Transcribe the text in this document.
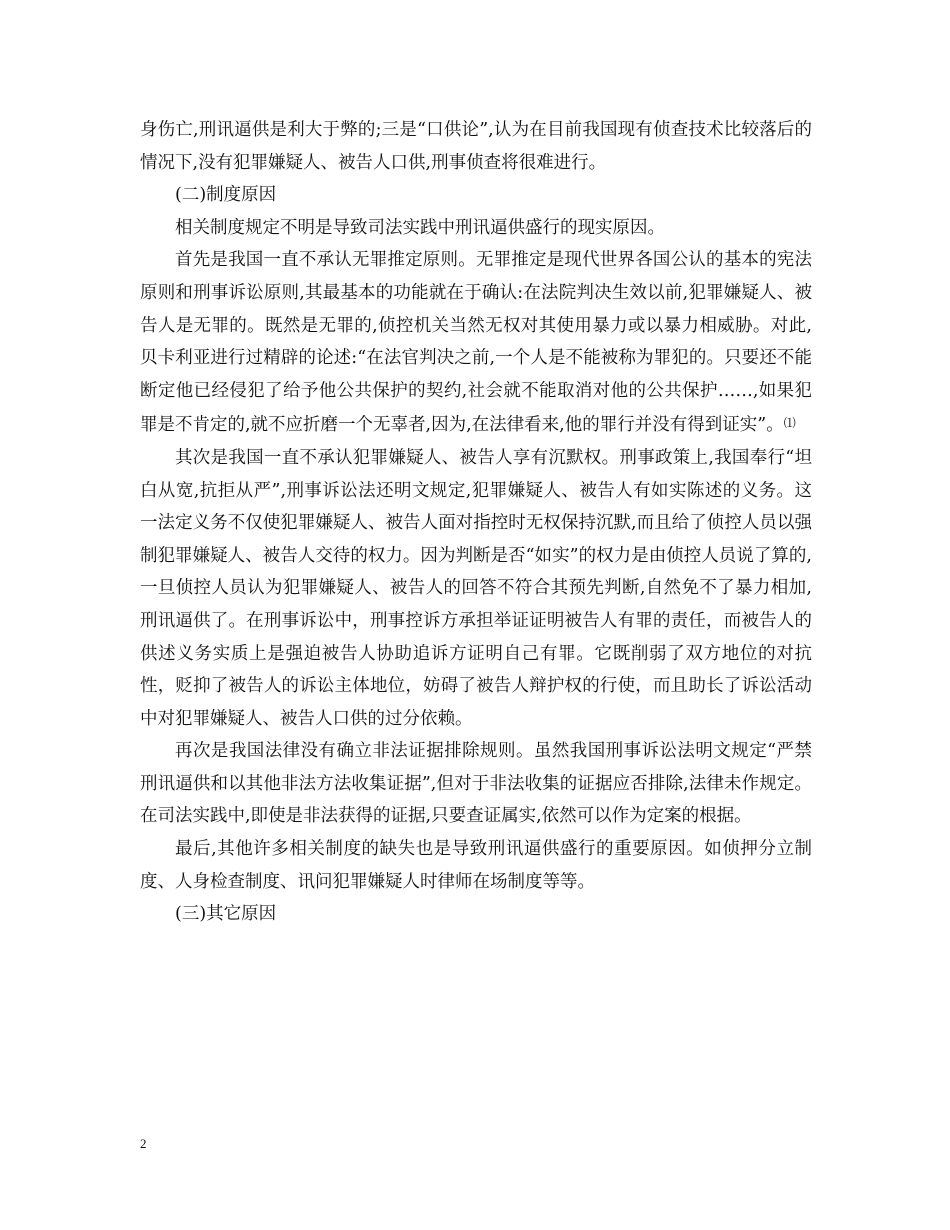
身伤亡,刑讯逼供是利大于弊的;三是“口供论”,认为在目前我国现有侦查技术比较落后的情况下,没有犯罪嫌疑人、被告人口供,刑事侦查将很难进行。

(二)制度原因

相关制度规定不明是导致司法实践中刑讯逼供盛行的现实原因。

首先是我国一直不承认无罪推定原则。无罪推定是现代世界各国公认的基本的宪法原则和刑事诉讼原则,其最基本的功能就在于确认:在法院判决生效以前,犯罪嫌疑人、被告人是无罪的。既然是无罪的,侦控机关当然无权对其使用暴力或以暴力相威胁。对此,贝卡利亚进行过精辟的论述:“在法官判决之前,一个人是不能被称为罪犯的。只要还不能断定他已经侵犯了给予他公共保护的契约,社会就不能取消对他的公共保护……,如果犯罪是不肯定的,就不应折磨一个无辜者,因为,在法律看来,他的罪行并没有得到证实”。⑴

其次是我国一直不承认犯罪嫌疑人、被告人享有沉默权。刑事政策上,我国奉行“坦白从宽,抗拒从严”,刑事诉讼法还明文规定,犯罪嫌疑人、被告人有如实陈述的义务。这一法定义务不仅使犯罪嫌疑人、被告人面对指控时无权保持沉默,而且给了侦控人员以强制犯罪嫌疑人、被告人交待的权力。因为判断是否“如实”的权力是由侦控人员说了算的,一旦侦控人员认为犯罪嫌疑人、被告人的回答不符合其预先判断,自然免不了暴力相加,刑讯逼供了。在刑事诉讼中，刑事控诉方承担举证证明被告人有罪的责任，而被告人的供述义务实质上是强迫被告人协助追诉方证明自己有罪。它既削弱了双方地位的对抗性，贬抑了被告人的诉讼主体地位，妨碍了被告人辩护权的行使，而且助长了诉讼活动中对犯罪嫌疑人、被告人口供的过分依赖。

再次是我国法律没有确立非法证据排除规则。虽然我国刑事诉讼法明文规定“严禁刑讯逼供和以其他非法方法收集证据”,但对于非法收集的证据应否排除,法律未作规定。在司法实践中,即使是非法获得的证据,只要查证属实,依然可以作为定案的根据。

最后,其他许多相关制度的缺失也是导致刑讯逼供盛行的重要原因。如侦押分立制度、人身检查制度、讯问犯罪嫌疑人时律师在场制度等等。

(三)其它原因

2
